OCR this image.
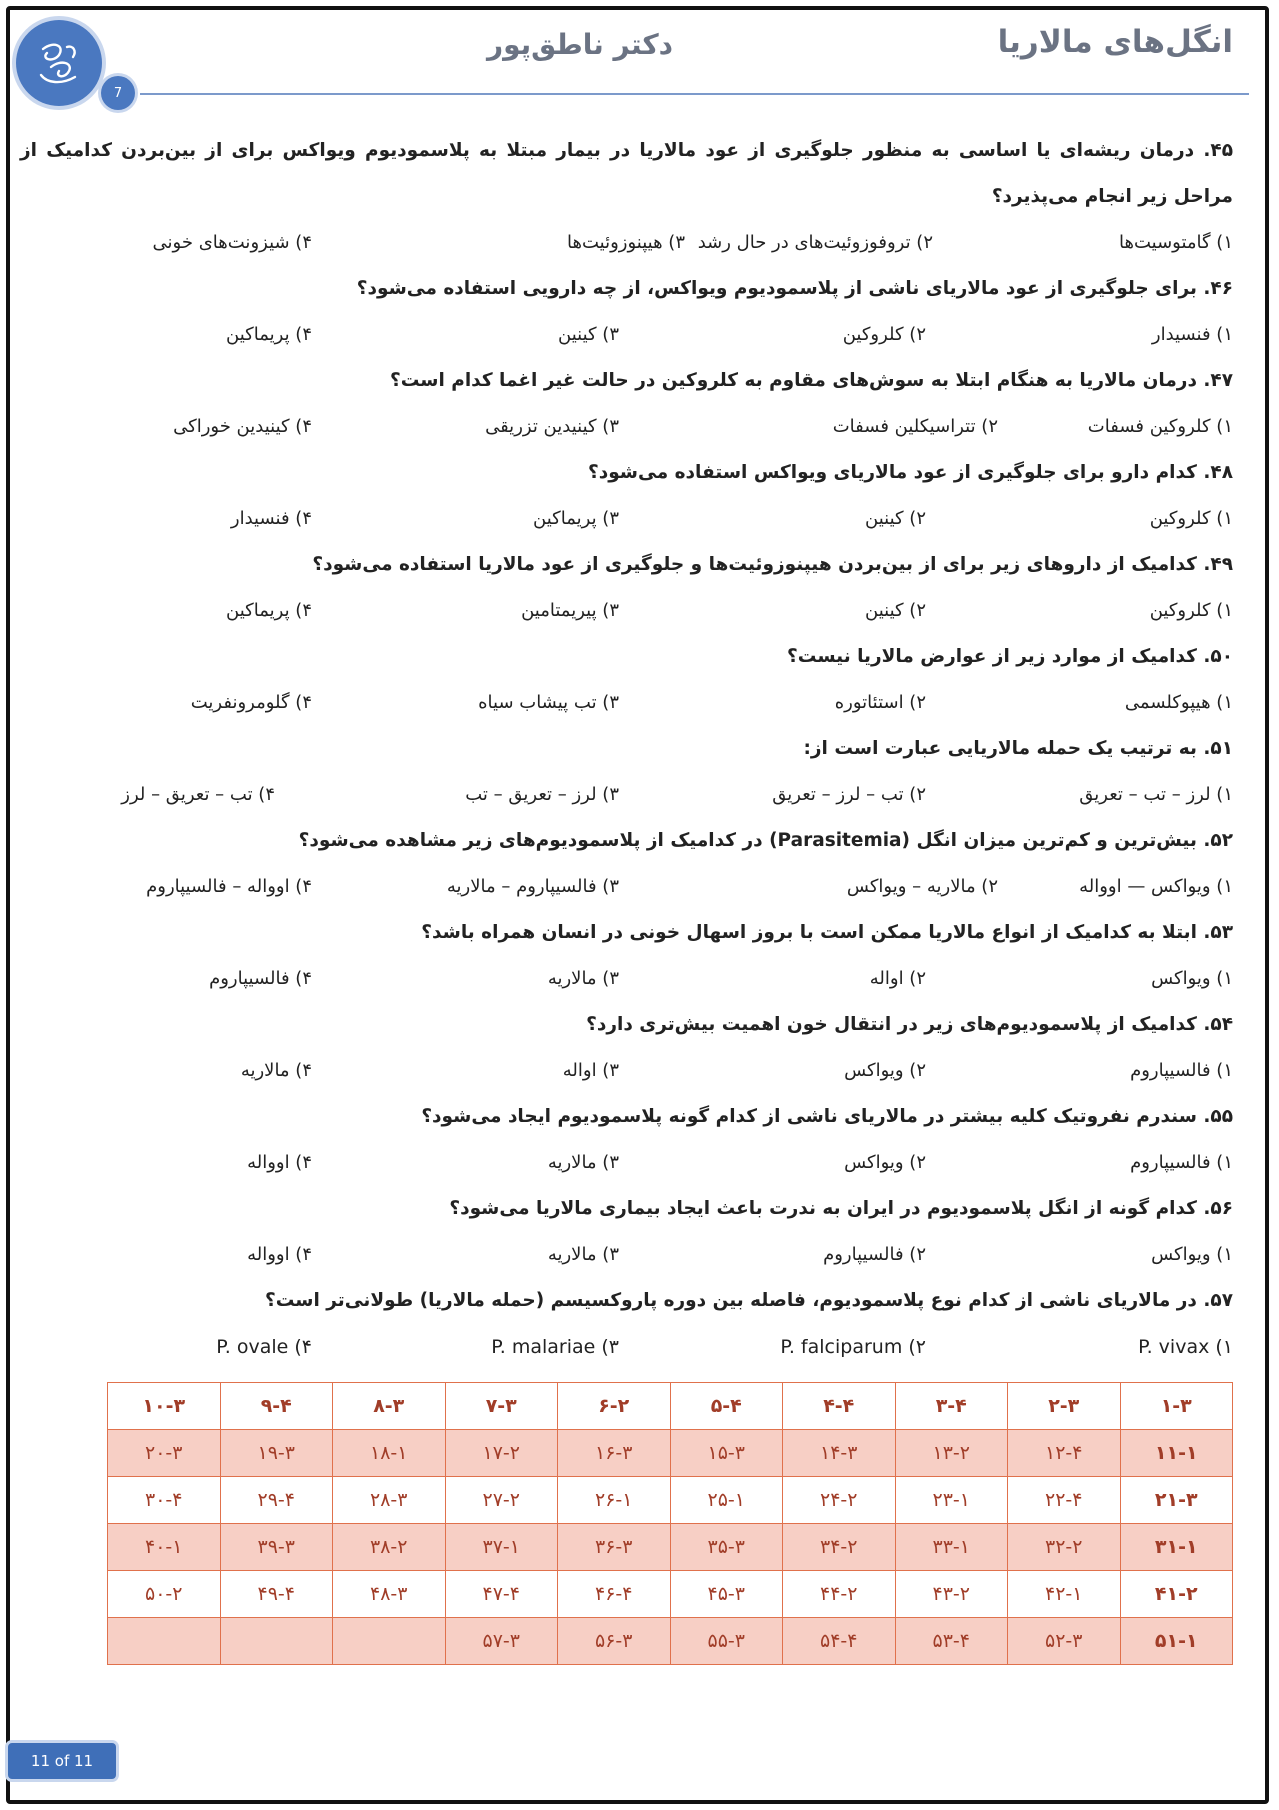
7
دکتر ناطق‌پور	انگل‌های مالاریا
۴۵. درمان ریشه‌ای یا اساسی به منظور جلوگیری از عود مالاریا در بیمار مبتلا به پلاسمودیوم ویواکس برای از بین‌بردن کدامیک از مراحل زیر انجام می‌پذیرد؟
۱) گامتوسیت‌ها
۲) تروفوزوئیت‌های در حال رشد
۳) هیپنوزوئیت‌ها
۴) شیزونت‌های خونی
۴۶. برای جلوگیری از عود مالاریای ناشی از پلاسمودیوم ویواکس، از چه دارویی استفاده می‌شود؟
۱) فنسیدار
۲) کلروکین
۳) کینین
۴) پریماکین
۴۷. درمان مالاریا به هنگام ابتلا به سوش‌های مقاوم به کلروکین در حالت غیر اغما کدام است؟
۱) کلروکین فسفات
۲) تتراسیکلین فسفات
۳) کینیدین تزریقی
۴) کینیدین خوراکی
۴۸. کدام دارو برای جلوگیری از عود مالاریای ویواکس استفاده می‌شود؟
۱) کلروکین
۲) کینین
۳) پریماکین
۴) فنسیدار
۴۹. کدامیک از داروهای زیر برای از بین‌بردن هیپنوزوئیت‌ها و جلوگیری از عود مالاریا استفاده می‌شود؟
۱) کلروکین
۲) کینین
۳) پیریمتامین
۴) پریماکین
۵۰. کدامیک از موارد زیر از عوارض مالاریا نیست؟
۱) هیپوکلسمی
۲) استئاتوره
۳) تب پیشاب سیاه
۴) گلومرونفریت
۵۱. به ترتیب یک حمله مالاریایی عبارت است از:
۱) لرز – تب – تعریق
۲) تب – لرز – تعریق
۳) لرز – تعریق – تب
۴) تب – تعریق – لرز
۵۲. بیش‌ترین و کم‌ترین میزان انگل (Parasitemia) در کدامیک از پلاسمودیوم‌های زیر مشاهده می‌شود؟
۱) ویواکس — اوواله
۲) مالاریه – ویواکس
۳) فالسیپاروم – مالاریه
۴) اوواله – فالسیپاروم
۵۳. ابتلا به کدامیک از انواع مالاریا ممکن است با بروز اسهال خونی در انسان همراه باشد؟
۱) ویواکس
۲) اواله
۳) مالاریه
۴) فالسیپاروم
۵۴. کدامیک از پلاسمودیوم‌های زیر در انتقال خون اهمیت بیش‌تری دارد؟
۱) فالسیپاروم
۲) ویواکس
۳) اواله
۴) مالاریه
۵۵. سندرم نفروتیک کلیه بیشتر در مالاریای ناشی از کدام گونه پلاسمودیوم ایجاد می‌شود؟
۱) فالسیپاروم
۲) ویواکس
۳) مالاریه
۴) اوواله
۵۶. کدام گونه از انگل پلاسمودیوم در ایران به ندرت باعث ایجاد بیماری مالاریا می‌شود؟
۱) ویواکس
۲) فالسیپاروم
۳) مالاریه
۴) اوواله
۵۷. در مالاریای ناشی از کدام نوع پلاسمودیوم، فاصله بین دوره پاروکسیسم (حمله مالاریا) طولانی‌تر است؟
P. vivax (۱
P. falciparum (۲
P. malariae (۳
P. ovale (۴
۱-۳	۲-۳	۳-۴	۴-۴	۵-۴	۶-۲	۷-۳	۸-۳	۹-۴	۱۰-۳
۱۱-۱	۱۲-۴	۱۳-۲	۱۴-۳	۱۵-۳	۱۶-۳	۱۷-۲	۱۸-۱	۱۹-۳	۲۰-۳
۲۱-۳	۲۲-۴	۲۳-۱	۲۴-۲	۲۵-۱	۲۶-۱	۲۷-۲	۲۸-۳	۲۹-۴	۳۰-۴
۳۱-۱	۳۲-۲	۳۳-۱	۳۴-۲	۳۵-۳	۳۶-۳	۳۷-۱	۳۸-۲	۳۹-۳	۴۰-۱
۴۱-۲	۴۲-۱	۴۳-۲	۴۴-۲	۴۵-۳	۴۶-۴	۴۷-۴	۴۸-۳	۴۹-۴	۵۰-۲
۵۱-۱	۵۲-۳	۵۳-۴	۵۴-۴	۵۵-۳	۵۶-۳	۵۷-۳			
11 of 11
